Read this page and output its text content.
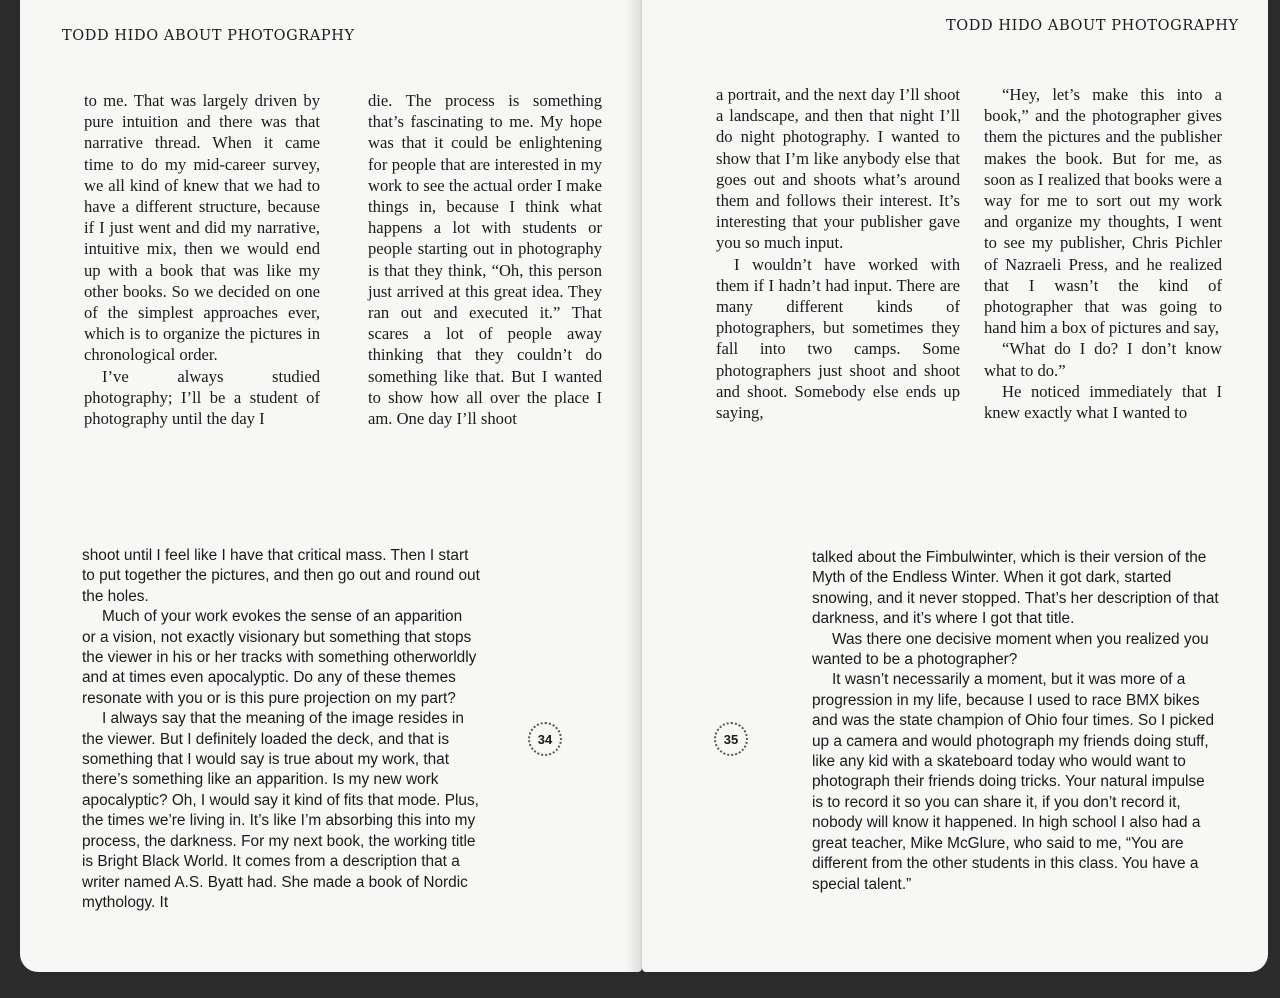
TODD HIDO ABOUT PHOTOGRAPHY

to me. That was largely driven by pure intuition and there was that narrative thread. When it came time to do my mid-career survey, we all kind of knew that we had to have a different structure, because if I just went and did my narrative, intuitive mix, then we would end up with a book that was like my other books. So we decided on one of the simplest approaches ever, which is to organize the pictures in chronological order.

I’ve always studied photography; I’ll be a student of photography until the day I

die. The process is something that’s fascinating to me. My hope was that it could be enlightening for people that are interested in my work to see the actual order I make things in, because I think what happens a lot with students or people starting out in photography is that they think, “Oh, this person just arrived at this great idea. They ran out and executed it.” That scares a lot of people away thinking that they couldn’t do something like that. But I wanted to show how all over the place I am. One day I’ll shoot

shoot until I feel like I have that critical mass. Then I start to put together the pictures, and then go out and round out the holes.

Much of your work evokes the sense of an apparition or a vision, not exactly visionary but something that stops the viewer in his or her tracks with something otherworldly and at times even apocalyptic. Do any of these themes resonate with you or is this pure projection on my part?

I always say that the meaning of the image resides in the viewer. But I definitely loaded the deck, and that is something that I would say is true about my work, that there’s something like an apparition. Is my new work apocalyptic? Oh, I would say it kind of fits that mode. Plus, the times we’re living in. It’s like I’m absorbing this into my process, the darkness. For my next book, the working title is Bright Black World. It comes from a description that a writer named A.S. Byatt had. She made a book of Nordic mythology. It

34
TODD HIDO ABOUT PHOTOGRAPHY

a portrait, and the next day I’ll shoot a landscape, and then that night I’ll do night photography. I wanted to show that I’m like anybody else that goes out and shoots what’s around them and follows their interest. It’s interesting that your publisher gave you so much input.

I wouldn’t have worked with them if I hadn’t had input. There are many different kinds of photographers, but sometimes they fall into two camps. Some photographers just shoot and shoot and shoot. Somebody else ends up saying,

“Hey, let’s make this into a book,” and the photographer gives them the pictures and the publisher makes the book. But for me, as soon as I realized that books were a way for me to sort out my work and organize my thoughts, I went to see my publisher, Chris Pichler of Nazraeli Press, and he realized that I wasn’t the kind of photographer that was going to hand him a box of pictures and say,

“What do I do? I don’t know what to do.”

He noticed immediately that I knew exactly what I wanted to

talked about the Fimbulwinter, which is their version of the Myth of the Endless Winter. When it got dark, started snowing, and it never stopped. That’s her description of that darkness, and it’s where I got that title.

Was there one decisive moment when you realized you wanted to be a photographer?

It wasn’t necessarily a moment, but it was more of a progression in my life, because I used to race BMX bikes and was the state champion of Ohio four times. So I picked up a camera and would photograph my friends doing stuff, like any kid with a skateboard today who would want to photograph their friends doing tricks. Your natural impulse is to record it so you can share it, if you don’t record it, nobody will know it happened. In high school I also had a great teacher, Mike McGlure, who said to me, “You are different from the other students in this class. You have a special talent.”

35
